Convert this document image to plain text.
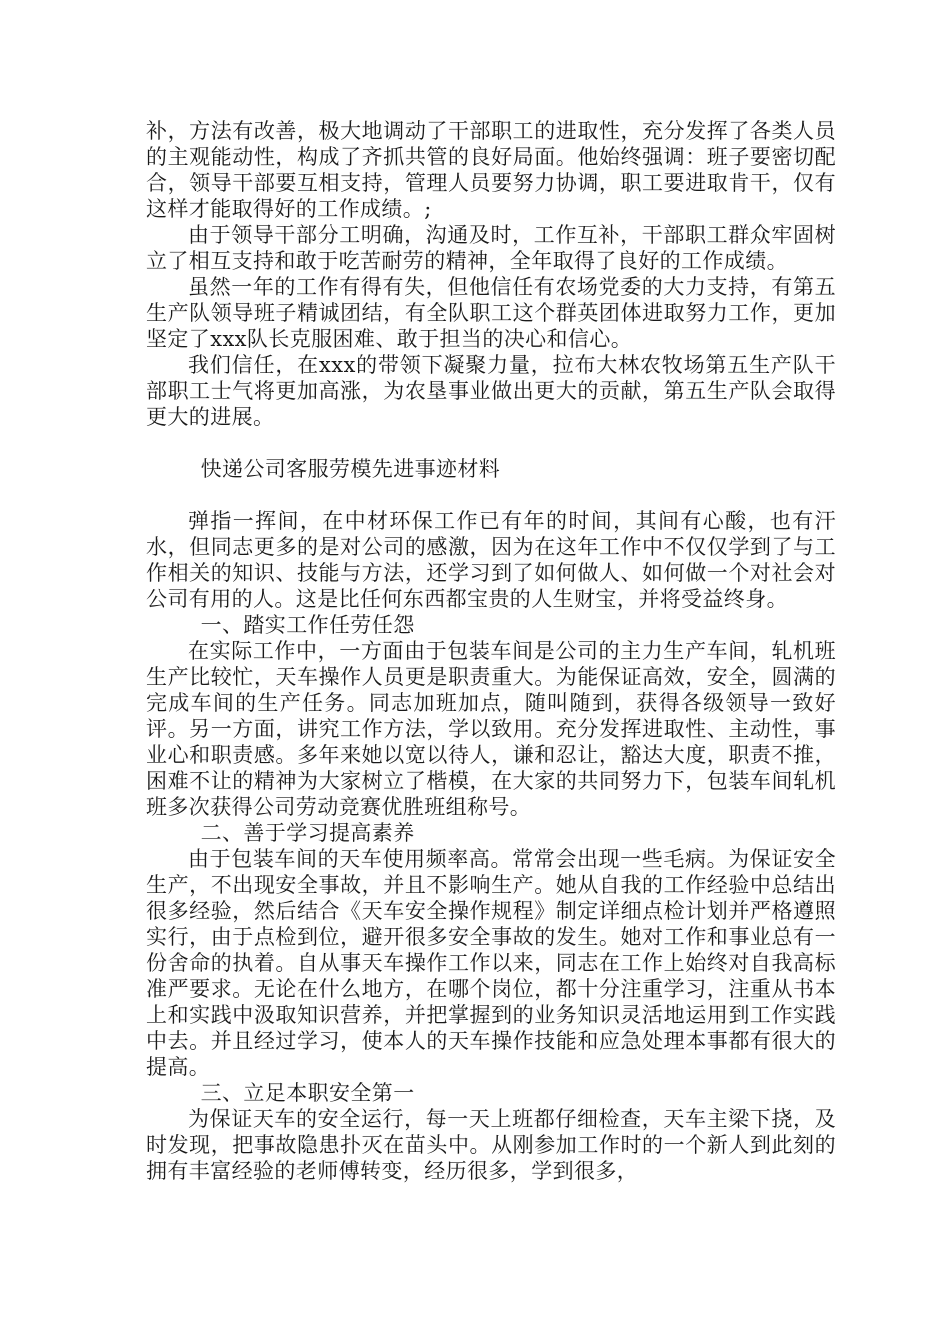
补，方法有改善，极大地调动了干部职工的进取性，充分发挥了各类人员的主观能动性，构成了齐抓共管的良好局面。他始终强调：班子要密切配合，领导干部要互相支持，管理人员要努力协调，职工要进取肯干，仅有这样才能取得好的工作成绩。;

由于领导干部分工明确，沟通及时，工作互补，干部职工群众牢固树立了相互支持和敢于吃苦耐劳的精神，全年取得了良好的工作成绩。

虽然一年的工作有得有失，但他信任有农场党委的大力支持，有第五生产队领导班子精诚团结，有全队职工这个群英团体进取努力工作，更加坚定了xxx队长克服困难、敢于担当的决心和信心。

我们信任，在xxx的带领下凝聚力量，拉布大林农牧场第五生产队干部职工士气将更加高涨，为农垦事业做出更大的贡献，第五生产队会取得更大的进展。

快递公司客服劳模先进事迹材料

弹指一挥间，在中材环保工作已有年的时间，其间有心酸，也有汗水，但同志更多的是对公司的感激，因为在这年工作中不仅仅学到了与工作相关的知识、技能与方法，还学习到了如何做人、如何做一个对社会对公司有用的人。这是比任何东西都宝贵的人生财宝，并将受益终身。

一、踏实工作任劳任怨

在实际工作中，一方面由于包装车间是公司的主力生产车间，轧机班生产比较忙，天车操作人员更是职责重大。为能保证高效，安全，圆满的完成车间的生产任务。同志加班加点，随叫随到，获得各级领导一致好评。另一方面，讲究工作方法，学以致用。充分发挥进取性、主动性，事业心和职责感。多年来她以宽以待人，谦和忍让，豁达大度，职责不推，困难不让的精神为大家树立了楷模，在大家的共同努力下，包装车间轧机班多次获得公司劳动竞赛优胜班组称号。

二、善于学习提高素养

由于包装车间的天车使用频率高。常常会出现一些毛病。为保证安全生产，不出现安全事故，并且不影响生产。她从自我的工作经验中总结出很多经验，然后结合《天车安全操作规程》制定详细点检计划并严格遵照实行，由于点检到位，避开很多安全事故的发生。她对工作和事业总有一份舍命的执着。自从事天车操作工作以来，同志在工作上始终对自我高标准严要求。无论在什么地方，在哪个岗位，都十分注重学习，注重从书本上和实践中汲取知识营养，并把掌握到的业务知识灵活地运用到工作实践中去。并且经过学习，使本人的天车操作技能和应急处理本事都有很大的提高。

三、立足本职安全第一

为保证天车的安全运行，每一天上班都仔细检查，天车主梁下挠，及时发现，把事故隐患扑灭在苗头中。从刚参加工作时的一个新人到此刻的拥有丰富经验的老师傅转变，经历很多，学到很多，
